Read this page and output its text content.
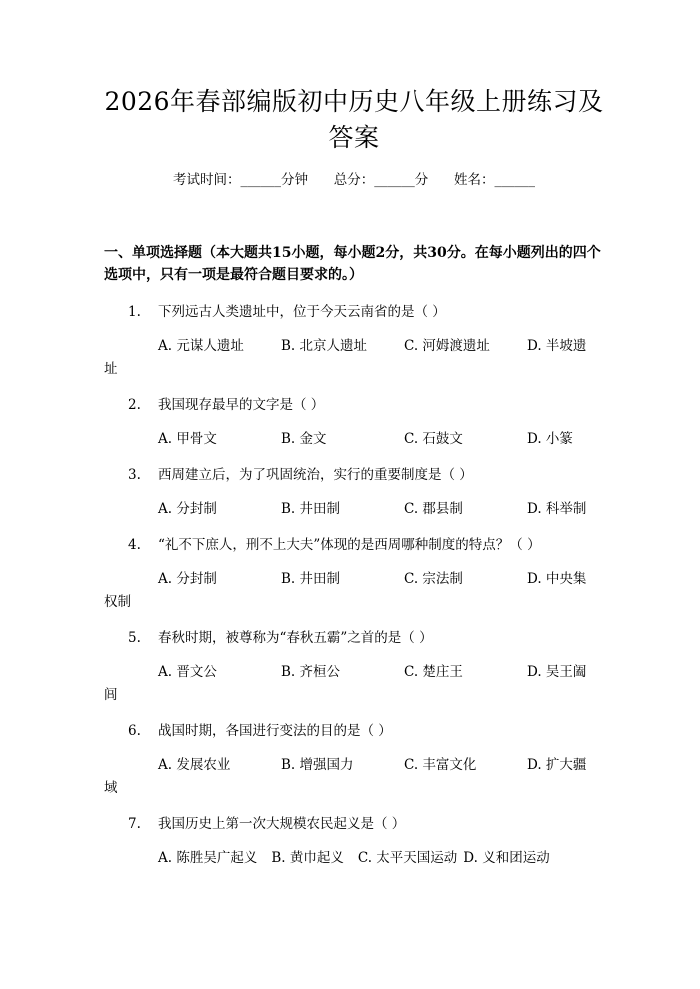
2026年春部编版初中历史八年级上册练习及
答案
考试时间：______分钟      总分：______分      姓名：______
一、单项选择题（本大题共15小题，每小题2分，共30分。在每小题列出的四个选项中，只有一项是最符合题目要求的。）
1. 下列远古人类遗址中，位于今天云南省的是（ ）
A. 元谋人遗址	B. 北京人遗址	C. 河姆渡遗址	D. 半坡遗
址
2. 我国现存最早的文字是（ ）
A. 甲骨文	B. 金文	C. 石鼓文	D. 小篆
3. 西周建立后，为了巩固统治，实行的重要制度是（ ）
A. 分封制	B. 井田制	C. 郡县制	D. 科举制
4. “礼不下庶人，刑不上大夫”体现的是西周哪种制度的特点？（ ）
A. 分封制	B. 井田制	C. 宗法制	D. 中央集
权制
5. 春秋时期，被尊称为“春秋五霸”之首的是（ ）
A. 晋文公	B. 齐桓公	C. 楚庄王	D. 吴王阖
闾
6. 战国时期，各国进行变法的目的是（ ）
A. 发展农业	B. 增强国力	C. 丰富文化	D. 扩大疆
域
7. 我国历史上第一次大规模农民起义是（ ）
A. 陈胜吴广起义 B. 黄巾起义 C. 太平天国运动 D. 义和团运动
